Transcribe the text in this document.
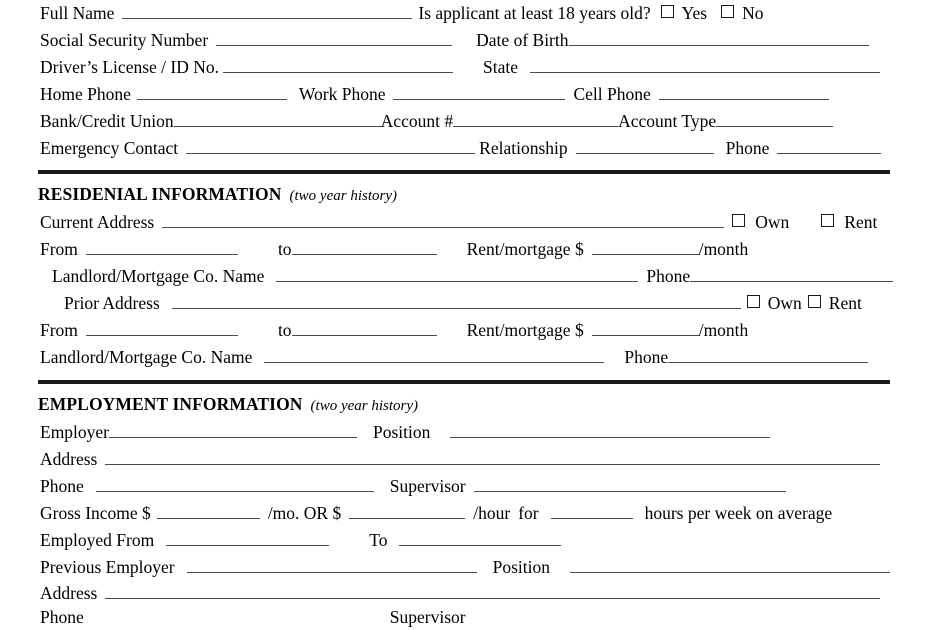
Full Name	Is applicant at least 18 years old? Yes No
Social Security Number	Date of Birth
Driver’s License / ID No.	State
Home Phone	Work Phone	Cell Phone
Bank/Credit Union	Account #	Account Type
Emergency Contact	Relationship	Phone
RESIDENIAL INFORMATION (two year history)
Current Address	Own	Rent
From	to	Rent/mortgage $	/month
Landlord/Mortgage Co. Name	Phone
Prior Address	Own Rent
From	to	Rent/mortgage $	/month
Landlord/Mortgage Co. Name	Phone
EMPLOYMENT INFORMATION (two year history)
Employer	Position
Address
Phone	Supervisor
Gross Income $	/mo. OR $	/hour for	hours per week on average
Employed From	To
Previous Employer	Position
Address
Phone	Supervisor
